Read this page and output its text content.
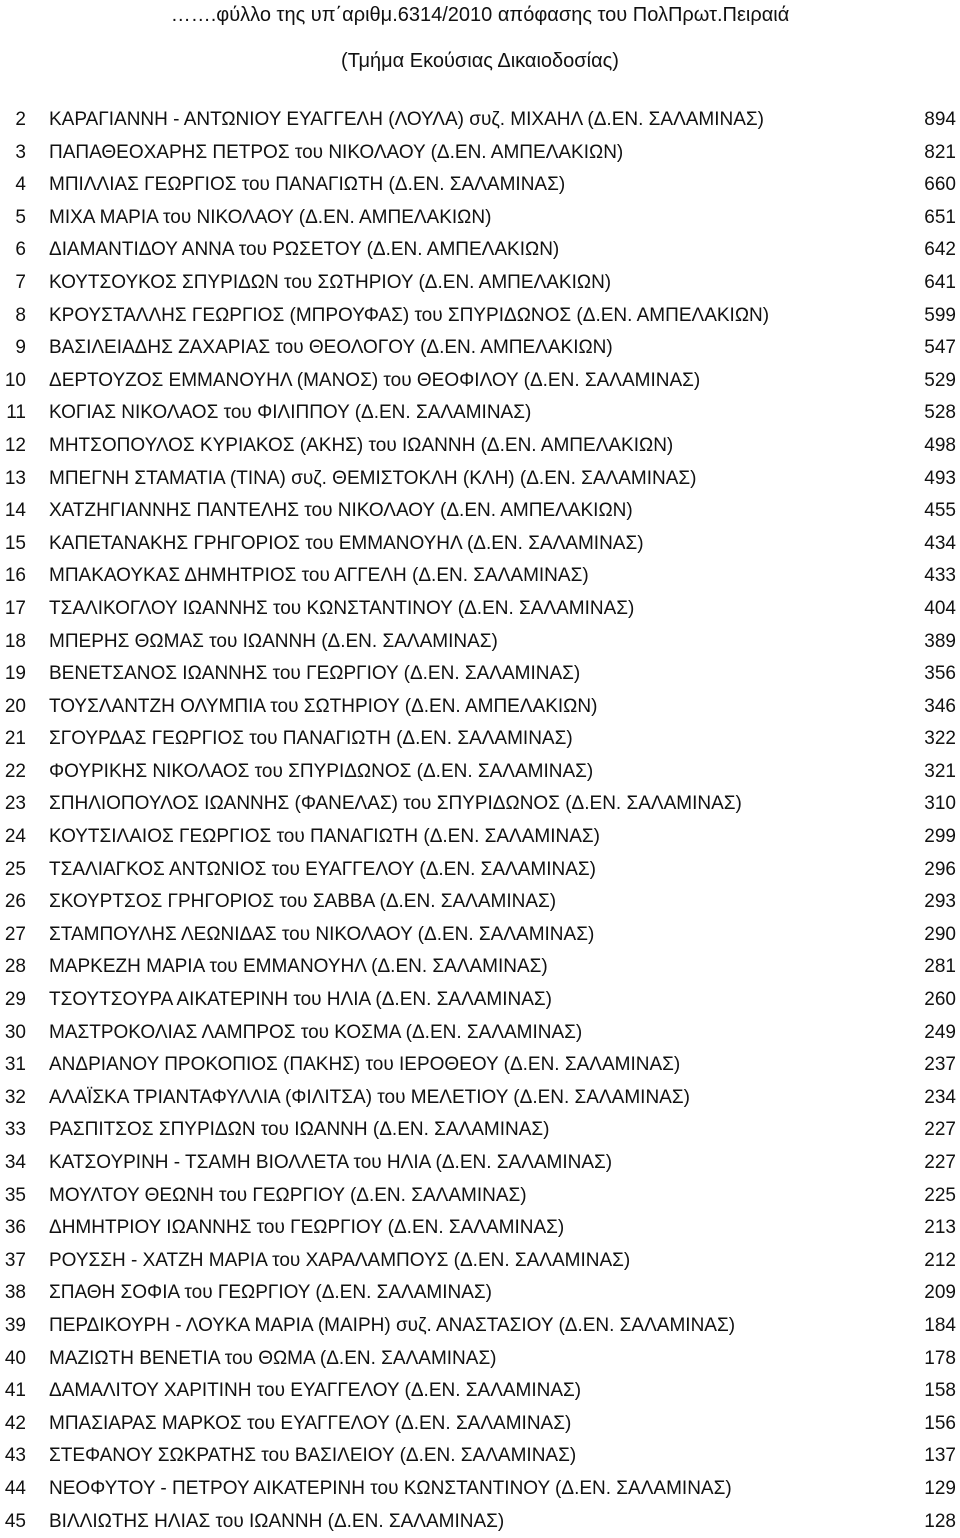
…….φύλλο της υπ΄αριθμ.6314/2010 απόφασης του ΠολΠρωτ.Πειραιά
(Τμήμα Εκούσιας Δικαιοδοσίας)
2 ΚΑΡΑΓΙΑΝΝΗ - ΑΝΤΩΝΙΟΥ ΕΥΑΓΓΕΛΗ (ΛΟΥΛΑ) συζ. ΜΙΧΑΗΛ (Δ.ΕΝ. ΣΑΛΑΜΙΝΑΣ)	894
3 ΠΑΠΑΘΕΟΧΑΡΗΣ ΠΕΤΡΟΣ του ΝΙΚΟΛΑΟΥ (Δ.ΕΝ. ΑΜΠΕΛΑΚΙΩΝ)	821
4 ΜΠΙΛΛΙΑΣ ΓΕΩΡΓΙΟΣ του ΠΑΝΑΓΙΩΤΗ (Δ.ΕΝ. ΣΑΛΑΜΙΝΑΣ)	660
5 ΜΙΧΑ ΜΑΡΙΑ του ΝΙΚΟΛΑΟΥ (Δ.ΕΝ. ΑΜΠΕΛΑΚΙΩΝ)	651
6 ΔΙΑΜΑΝΤΙΔΟΥ ΑΝΝΑ του ΡΩΣΕΤΟΥ (Δ.ΕΝ. ΑΜΠΕΛΑΚΙΩΝ)	642
7 ΚΟΥΤΣΟΥΚΟΣ ΣΠΥΡΙΔΩΝ του ΣΩΤΗΡΙΟΥ (Δ.ΕΝ. ΑΜΠΕΛΑΚΙΩΝ)	641
8 ΚΡΟΥΣΤΑΛΛΗΣ ΓΕΩΡΓΙΟΣ (ΜΠΡΟΥΦΑΣ) του ΣΠΥΡΙΔΩΝΟΣ (Δ.ΕΝ. ΑΜΠΕΛΑΚΙΩΝ)	599
9 ΒΑΣΙΛΕΙΑΔΗΣ ΖΑΧΑΡΙΑΣ του ΘΕΟΛΟΓΟΥ (Δ.ΕΝ. ΑΜΠΕΛΑΚΙΩΝ)	547
10 ΔΕΡΤΟΥΖΟΣ ΕΜΜΑΝΟΥΗΛ (ΜΑΝΟΣ) του ΘΕΟΦΙΛΟΥ (Δ.ΕΝ. ΣΑΛΑΜΙΝΑΣ)	529
11 ΚΟΓΙΑΣ ΝΙΚΟΛΑΟΣ του ΦΙΛΙΠΠΟΥ (Δ.ΕΝ. ΣΑΛΑΜΙΝΑΣ)	528
12 ΜΗΤΣΟΠΟΥΛΟΣ ΚΥΡΙΑΚΟΣ (ΑΚΗΣ) του ΙΩΑΝΝΗ (Δ.ΕΝ. ΑΜΠΕΛΑΚΙΩΝ)	498
13 ΜΠΕΓΝΗ ΣΤΑΜΑΤΙΑ (ΤΙΝΑ) συζ. ΘΕΜΙΣΤΟΚΛΗ (ΚΛΗ) (Δ.ΕΝ. ΣΑΛΑΜΙΝΑΣ)	493
14 ΧΑΤΖΗΓΙΑΝΝΗΣ ΠΑΝΤΕΛΗΣ του ΝΙΚΟΛΑΟΥ (Δ.ΕΝ. ΑΜΠΕΛΑΚΙΩΝ)	455
15 ΚΑΠΕΤΑΝΑΚΗΣ ΓΡΗΓΟΡΙΟΣ του ΕΜΜΑΝΟΥΗΛ (Δ.ΕΝ. ΣΑΛΑΜΙΝΑΣ)	434
16 ΜΠΑΚΑΟΥΚΑΣ ΔΗΜΗΤΡΙΟΣ του ΑΓΓΕΛΗ (Δ.ΕΝ. ΣΑΛΑΜΙΝΑΣ)	433
17 ΤΣΑΛΙΚΟΓΛΟΥ ΙΩΑΝΝΗΣ του ΚΩΝΣΤΑΝΤΙΝΟΥ (Δ.ΕΝ. ΣΑΛΑΜΙΝΑΣ)	404
18 ΜΠΕΡΗΣ ΘΩΜΑΣ του ΙΩΑΝΝΗ (Δ.ΕΝ. ΣΑΛΑΜΙΝΑΣ)	389
19 ΒΕΝΕΤΣΑΝΟΣ ΙΩΑΝΝΗΣ του ΓΕΩΡΓΙΟΥ (Δ.ΕΝ. ΣΑΛΑΜΙΝΑΣ)	356
20 ΤΟΥΣΛΑΝΤΖΗ ΟΛΥΜΠΙΑ του ΣΩΤΗΡΙΟΥ (Δ.ΕΝ. ΑΜΠΕΛΑΚΙΩΝ)	346
21 ΣΓΟΥΡΔΑΣ ΓΕΩΡΓΙΟΣ του ΠΑΝΑΓΙΩΤΗ (Δ.ΕΝ. ΣΑΛΑΜΙΝΑΣ)	322
22 ΦΟΥΡΙΚΗΣ ΝΙΚΟΛΑΟΣ του ΣΠΥΡΙΔΩΝΟΣ (Δ.ΕΝ. ΣΑΛΑΜΙΝΑΣ)	321
23 ΣΠΗΛΙΟΠΟΥΛΟΣ ΙΩΑΝΝΗΣ (ΦΑΝΕΛΑΣ) του ΣΠΥΡΙΔΩΝΟΣ (Δ.ΕΝ. ΣΑΛΑΜΙΝΑΣ)	310
24 ΚΟΥΤΣΙΛΑΙΟΣ ΓΕΩΡΓΙΟΣ του ΠΑΝΑΓΙΩΤΗ (Δ.ΕΝ. ΣΑΛΑΜΙΝΑΣ)	299
25 ΤΣΑΛΙΑΓΚΟΣ ΑΝΤΩΝΙΟΣ του ΕΥΑΓΓΕΛΟΥ (Δ.ΕΝ. ΣΑΛΑΜΙΝΑΣ)	296
26 ΣΚΟΥΡΤΣΟΣ ΓΡΗΓΟΡΙΟΣ του ΣΑΒΒΑ (Δ.ΕΝ. ΣΑΛΑΜΙΝΑΣ)	293
27 ΣΤΑΜΠΟΥΛΗΣ ΛΕΩΝΙΔΑΣ του ΝΙΚΟΛΑΟΥ (Δ.ΕΝ. ΣΑΛΑΜΙΝΑΣ)	290
28 ΜΑΡΚΕΖΗ ΜΑΡΙΑ του ΕΜΜΑΝΟΥΗΛ (Δ.ΕΝ. ΣΑΛΑΜΙΝΑΣ)	281
29 ΤΣΟΥΤΣΟΥΡΑ ΑΙΚΑΤΕΡΙΝΗ του ΗΛΙΑ (Δ.ΕΝ. ΣΑΛΑΜΙΝΑΣ)	260
30 ΜΑΣΤΡΟΚΟΛΙΑΣ ΛΑΜΠΡΟΣ του ΚΟΣΜΑ (Δ.ΕΝ. ΣΑΛΑΜΙΝΑΣ)	249
31 ΑΝΔΡΙΑΝΟΥ ΠΡΟΚΟΠΙΟΣ (ΠΑΚΗΣ) του ΙΕΡΟΘΕΟΥ (Δ.ΕΝ. ΣΑΛΑΜΙΝΑΣ)	237
32 ΑΛΑΪΣΚΑ ΤΡΙΑΝΤΑΦΥΛΛΙΑ (ΦΙΛΙΤΣΑ) του ΜΕΛΕΤΙΟΥ (Δ.ΕΝ. ΣΑΛΑΜΙΝΑΣ)	234
33 ΡΑΣΠΙΤΣΟΣ ΣΠΥΡΙΔΩΝ του ΙΩΑΝΝΗ (Δ.ΕΝ. ΣΑΛΑΜΙΝΑΣ)	227
34 ΚΑΤΣΟΥΡΙΝΗ - ΤΣΑΜΗ ΒΙΟΛΛΕΤΑ του ΗΛΙΑ (Δ.ΕΝ. ΣΑΛΑΜΙΝΑΣ)	227
35 ΜΟΥΛΤΟΥ ΘΕΩΝΗ του ΓΕΩΡΓΙΟΥ (Δ.ΕΝ. ΣΑΛΑΜΙΝΑΣ)	225
36 ΔΗΜΗΤΡΙΟΥ ΙΩΑΝΝΗΣ του ΓΕΩΡΓΙΟΥ (Δ.ΕΝ. ΣΑΛΑΜΙΝΑΣ)	213
37 ΡΟΥΣΣΗ - ΧΑΤΖΗ ΜΑΡΙΑ του ΧΑΡΑΛΑΜΠΟΥΣ (Δ.ΕΝ. ΣΑΛΑΜΙΝΑΣ)	212
38 ΣΠΑΘΗ ΣΟΦΙΑ του ΓΕΩΡΓΙΟΥ (Δ.ΕΝ. ΣΑΛΑΜΙΝΑΣ)	209
39 ΠΕΡΔΙΚΟΥΡΗ - ΛΟΥΚΑ ΜΑΡΙΑ (ΜΑΙΡΗ) συζ. ΑΝΑΣΤΑΣΙΟΥ (Δ.ΕΝ. ΣΑΛΑΜΙΝΑΣ)	184
40 ΜΑΖΙΩΤΗ ΒΕΝΕΤΙΑ του ΘΩΜΑ (Δ.ΕΝ. ΣΑΛΑΜΙΝΑΣ)	178
41 ΔΑΜΑΛΙΤΟΥ ΧΑΡΙΤΙΝΗ του ΕΥΑΓΓΕΛΟΥ (Δ.ΕΝ. ΣΑΛΑΜΙΝΑΣ)	158
42 ΜΠΑΣΙΑΡΑΣ ΜΑΡΚΟΣ του ΕΥΑΓΓΕΛΟΥ (Δ.ΕΝ. ΣΑΛΑΜΙΝΑΣ)	156
43 ΣΤΕΦΑΝΟΥ ΣΩΚΡΑΤΗΣ του ΒΑΣΙΛΕΙΟΥ (Δ.ΕΝ. ΣΑΛΑΜΙΝΑΣ)	137
44 ΝΕΟΦΥΤΟΥ - ΠΕΤΡΟΥ ΑΙΚΑΤΕΡΙΝΗ του ΚΩΝΣΤΑΝΤΙΝΟΥ (Δ.ΕΝ. ΣΑΛΑΜΙΝΑΣ)	129
45 ΒΙΛΛΙΩΤΗΣ ΗΛΙΑΣ του ΙΩΑΝΝΗ (Δ.ΕΝ. ΣΑΛΑΜΙΝΑΣ)	128
